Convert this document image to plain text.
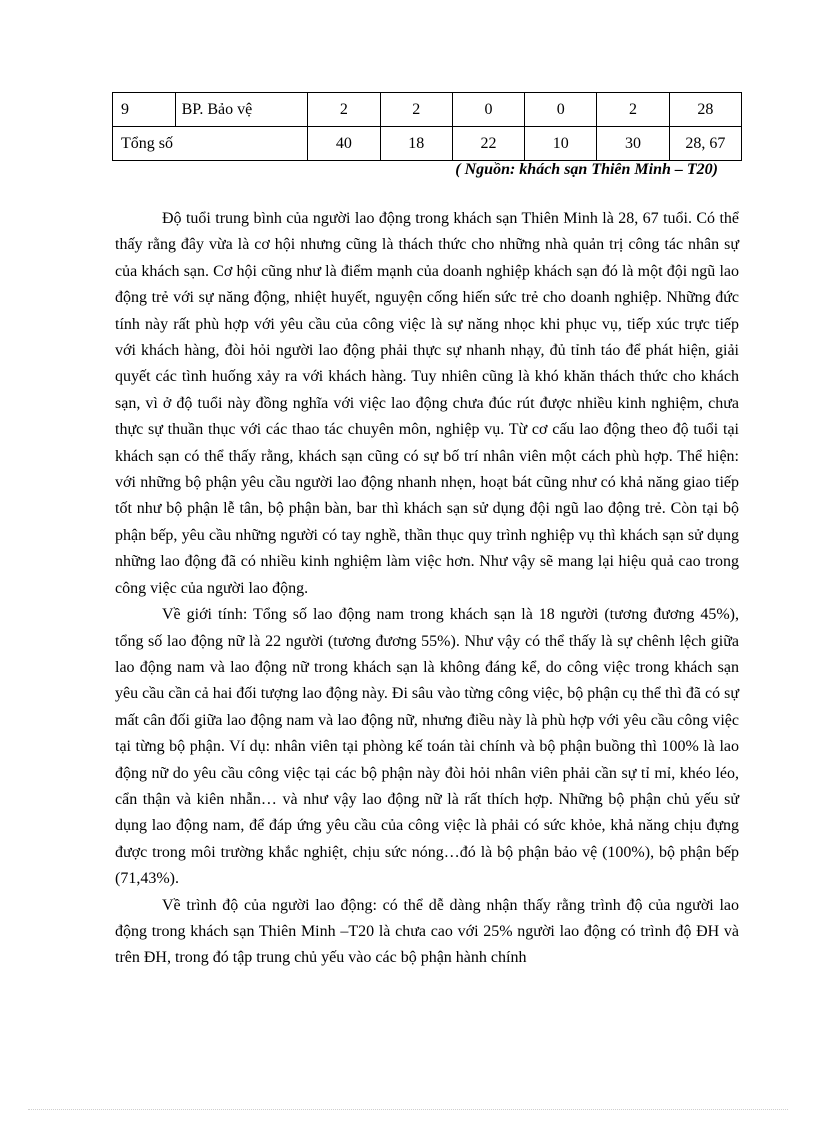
9	BP. Bảo vệ	2	2	0	0	2	28
Tổng số		40	18	22	10	30	28, 67
( Nguồn: khách sạn Thiên Minh – T20)

Độ tuổi trung bình của người lao động trong khách sạn Thiên Minh là 28, 67 tuổi. Có thể thấy rằng đây vừa là cơ hội nhưng cũng là thách thức cho những nhà quản trị công tác nhân sự của khách sạn. Cơ hội cũng như là điểm mạnh của doanh nghiệp khách sạn đó là một đội ngũ lao động trẻ với sự năng động, nhiệt huyết, nguyện cống hiến sức trẻ cho doanh nghiệp. Những đức tính này rất phù hợp với yêu cầu của công việc là sự năng nhọc khi phục vụ, tiếp xúc trực tiếp với khách hàng, đòi hỏi người lao động phải thực sự nhanh nhạy, đủ tỉnh táo để phát hiện, giải quyết các tình huống xảy ra với khách hàng. Tuy nhiên cũng là khó khăn thách thức cho khách sạn, vì ở độ tuổi này đồng nghĩa với việc lao động chưa đúc rút được nhiều kinh nghiệm, chưa thực sự thuần thục với các thao tác chuyên môn, nghiệp vụ. Từ cơ cấu lao động theo độ tuổi tại khách sạn có thể thấy rằng, khách sạn cũng có sự bố trí nhân viên một cách phù hợp. Thể hiện: với những bộ phận yêu cầu người lao động nhanh nhẹn, hoạt bát cũng như có khả năng giao tiếp tốt như bộ phận lễ tân, bộ phận bàn, bar thì khách sạn sử dụng đội ngũ lao động trẻ. Còn tại bộ phận bếp, yêu cầu những người có tay nghề, thần thục quy trình nghiệp vụ thì khách sạn sử dụng những lao động đã có nhiều kinh nghiệm làm việc hơn. Như vậy sẽ mang lại hiệu quả cao trong công việc của người lao động.

Về giới tính: Tổng số lao động nam trong khách sạn là 18 người (tương đương 45%), tổng số lao động nữ là 22 người (tương đương 55%). Như vậy có thể thấy là sự chênh lệch giữa lao động nam và lao động nữ trong khách sạn là không đáng kể, do công việc trong khách sạn yêu cầu cần cả hai đối tượng lao động này. Đi sâu vào từng công việc, bộ phận cụ thể thì đã có sự mất cân đối giữa lao động nam và lao động nữ, nhưng điều này là phù hợp với yêu cầu công việc tại từng bộ phận. Ví dụ: nhân viên tại phòng kế toán tài chính và bộ phận buồng thì 100% là lao động nữ do yêu cầu công việc tại các bộ phận này đòi hỏi nhân viên phải cần sự tỉ mỉ, khéo léo, cẩn thận và kiên nhẫn… và như vậy lao động nữ là rất thích hợp. Những bộ phận chủ yếu sử dụng lao động nam, để đáp ứng yêu cầu của công việc là phải có sức khỏe, khả năng chịu đựng được trong môi trường khắc nghiệt, chịu sức nóng…đó là bộ phận bảo vệ (100%), bộ phận bếp (71,43%).

Về trình độ của người lao động: có thể dễ dàng nhận thấy rằng trình độ của người lao động trong khách sạn Thiên Minh –T20 là chưa cao với 25% người lao động có trình độ ĐH và trên ĐH, trong đó tập trung chủ yếu vào các bộ phận hành chính
